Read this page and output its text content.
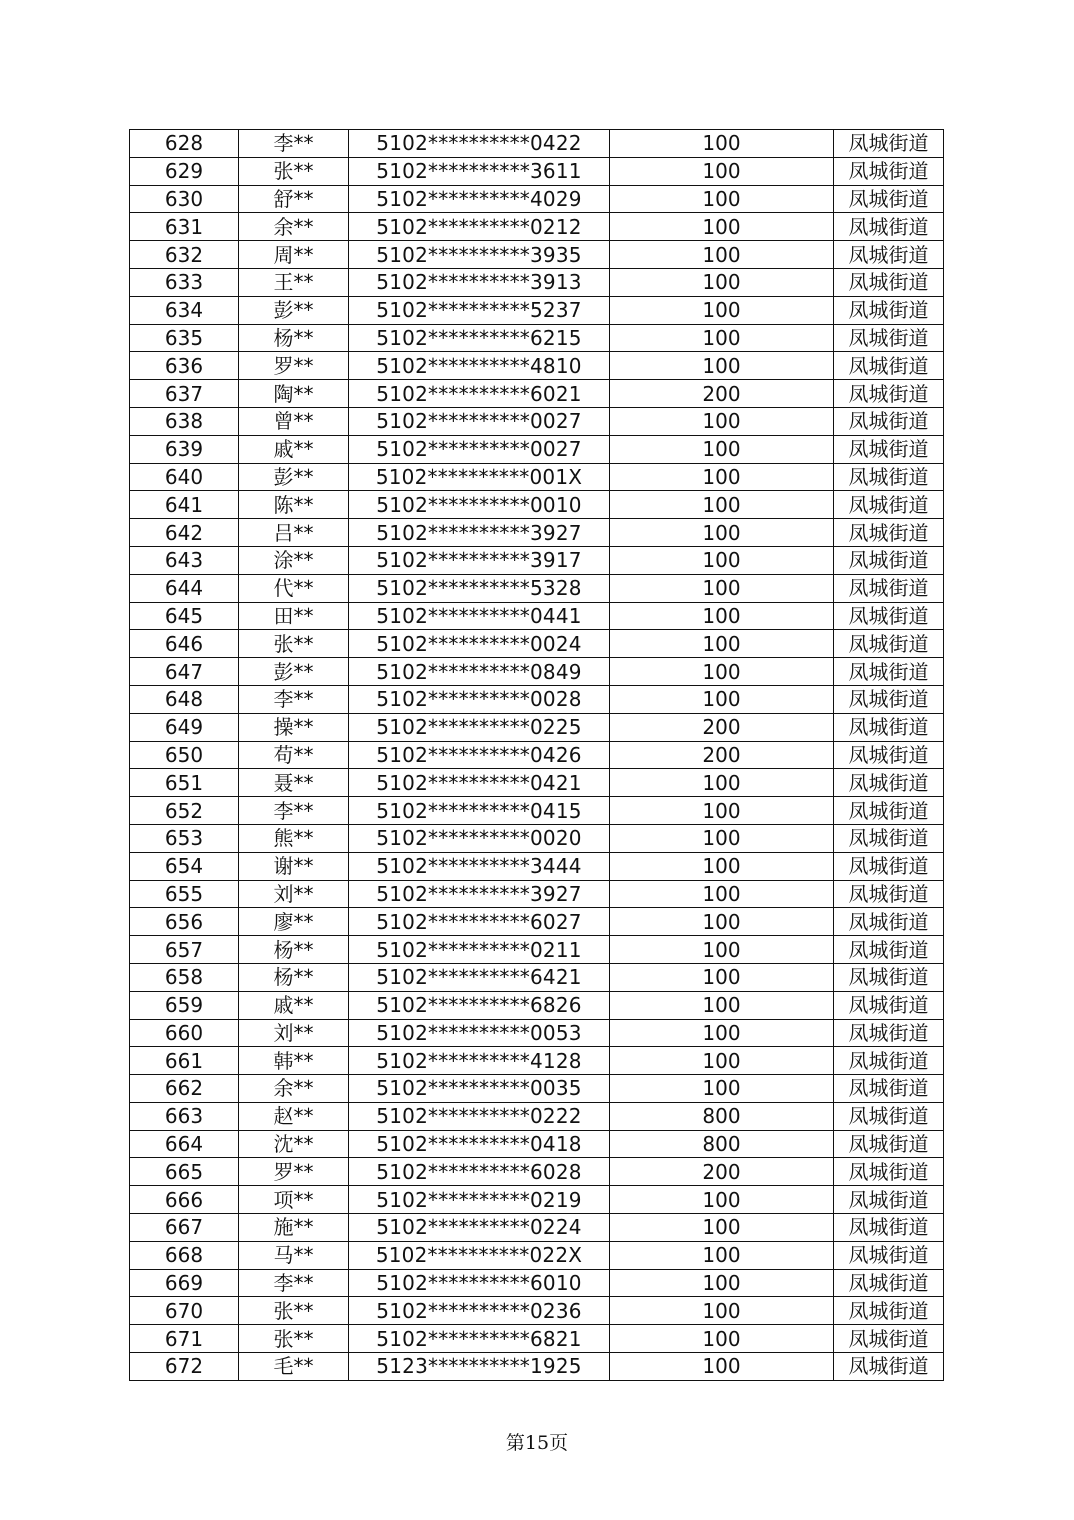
628	李**	5102**********0422	100	凤城街道
629	张**	5102**********3611	100	凤城街道
630	舒**	5102**********4029	100	凤城街道
631	余**	5102**********0212	100	凤城街道
632	周**	5102**********3935	100	凤城街道
633	王**	5102**********3913	100	凤城街道
634	彭**	5102**********5237	100	凤城街道
635	杨**	5102**********6215	100	凤城街道
636	罗**	5102**********4810	100	凤城街道
637	陶**	5102**********6021	200	凤城街道
638	曾**	5102**********0027	100	凤城街道
639	戚**	5102**********0027	100	凤城街道
640	彭**	5102**********001X	100	凤城街道
641	陈**	5102**********0010	100	凤城街道
642	吕**	5102**********3927	100	凤城街道
643	涂**	5102**********3917	100	凤城街道
644	代**	5102**********5328	100	凤城街道
645	田**	5102**********0441	100	凤城街道
646	张**	5102**********0024	100	凤城街道
647	彭**	5102**********0849	100	凤城街道
648	李**	5102**********0028	100	凤城街道
649	操**	5102**********0225	200	凤城街道
650	苟**	5102**********0426	200	凤城街道
651	聂**	5102**********0421	100	凤城街道
652	李**	5102**********0415	100	凤城街道
653	熊**	5102**********0020	100	凤城街道
654	谢**	5102**********3444	100	凤城街道
655	刘**	5102**********3927	100	凤城街道
656	廖**	5102**********6027	100	凤城街道
657	杨**	5102**********0211	100	凤城街道
658	杨**	5102**********6421	100	凤城街道
659	戚**	5102**********6826	100	凤城街道
660	刘**	5102**********0053	100	凤城街道
661	韩**	5102**********4128	100	凤城街道
662	余**	5102**********0035	100	凤城街道
663	赵**	5102**********0222	800	凤城街道
664	沈**	5102**********0418	800	凤城街道
665	罗**	5102**********6028	200	凤城街道
666	项**	5102**********0219	100	凤城街道
667	施**	5102**********0224	100	凤城街道
668	马**	5102**********022X	100	凤城街道
669	李**	5102**********6010	100	凤城街道
670	张**	5102**********0236	100	凤城街道
671	张**	5102**********6821	100	凤城街道
672	毛**	5123**********1925	100	凤城街道
第15页
